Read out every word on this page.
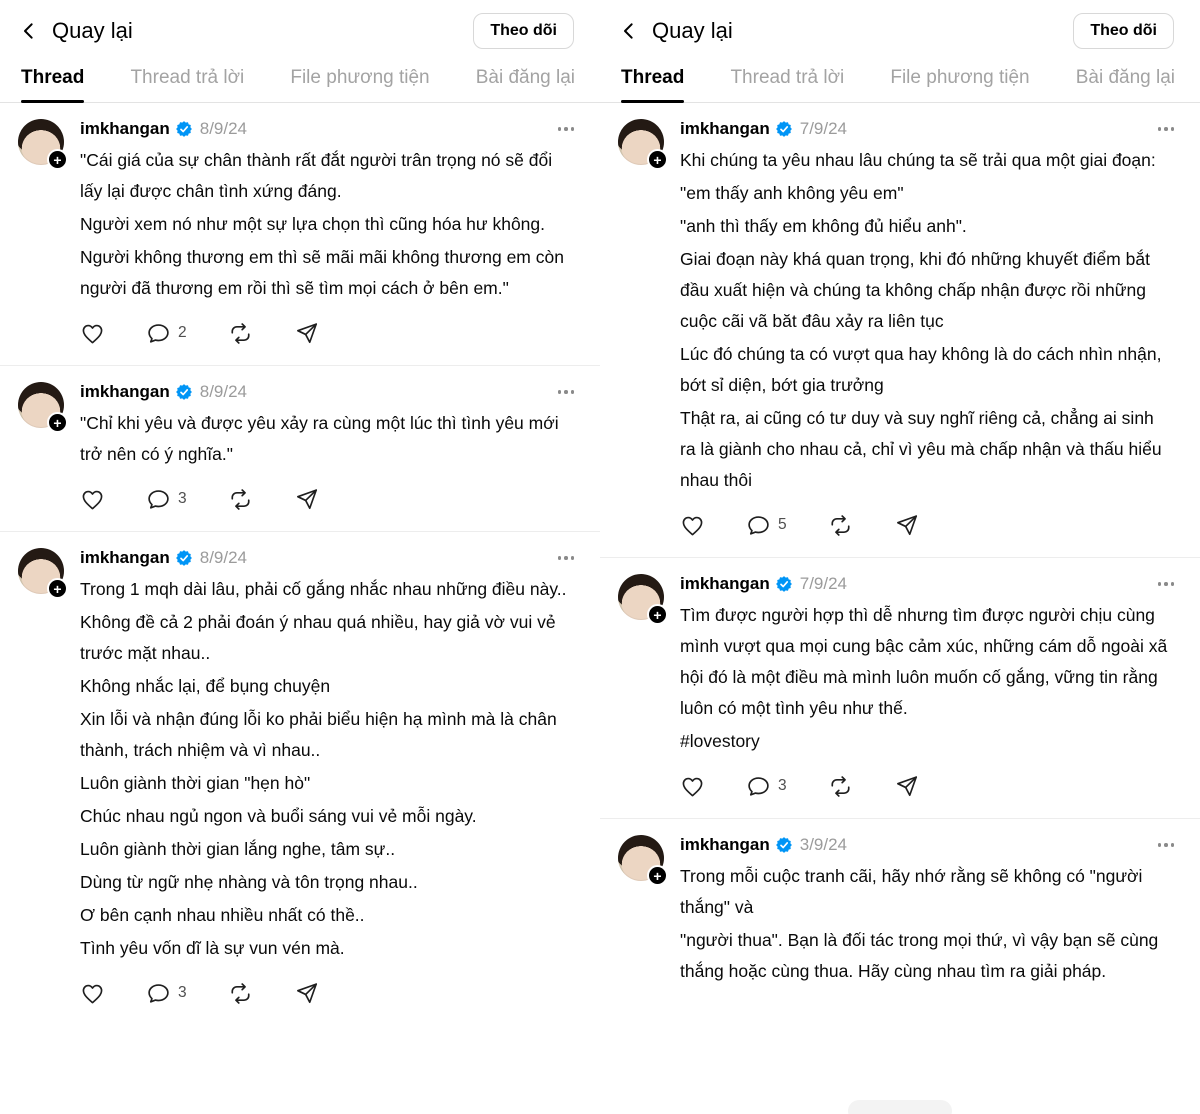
Quay lại	Theo dõi
Thread Thread trả lời File phương tiện Bài đăng lại
+
imkhangan 8/9/24

"Cái giá của sự chân thành rất đắt người trân trọng nó sẽ đổi lấy lại được chân tình xứng đáng.

Người xem nó như một sự lựa chọn thì cũng hóa hư không.

Người không thương em thì sẽ mãi mãi không thương em còn người đã thương em rồi thì sẽ tìm mọi cách ở bên em."

2
+
imkhangan 8/9/24

"Chỉ khi yêu và được yêu xảy ra cùng một lúc thì tình yêu mới trở nên có ý nghĩa."

3
+
imkhangan 8/9/24

Trong 1 mqh dài lâu, phải cố gắng nhắc nhau những điều này..

Không đề cả 2 phải đoán ý nhau quá nhiều, hay giả vờ vui vẻ trước mặt nhau..

Không nhắc lại, để bụng chuyện

Xin lỗi và nhận đúng lỗi ko phải biểu hiện hạ mình mà là chân thành, trách nhiệm và vì nhau..

Luôn giành thời gian "hẹn hò"

Chúc nhau ngủ ngon và buổi sáng vui vẻ mỗi ngày.

Luôn giành thời gian lắng nghe, tâm sự..

Dùng từ ngữ nhẹ nhàng và tôn trọng nhau..

Ơ bên cạnh nhau nhiều nhất có thề..

Tình yêu vốn dĩ là sự vun vén mà.

3
Quay lại	Theo dõi
Thread Thread trả lời File phương tiện Bài đăng lại
+
imkhangan 7/9/24

Khi chúng ta yêu nhau lâu chúng ta sẽ trải qua một giai đoạn:

"em thấy anh không yêu em"

"anh thì thấy em không đủ hiểu anh".

Giai đoạn này khá quan trọng, khi đó những khuyết điểm bắt đầu xuất hiện và chúng ta không chấp nhận được rồi những cuộc cãi vã băt đâu xảy ra liên tục

Lúc đó chúng ta có vượt qua hay không là do cách nhìn nhận, bớt sỉ diện, bớt gia trưởng

Thật ra, ai cũng có tư duy và suy nghĩ riêng cả, chẳng ai sinh ra là giành cho nhau cả, chỉ vì yêu mà chấp nhận và thấu hiểu nhau thôi

5
+
imkhangan 7/9/24

Tìm được người hợp thì dễ nhưng tìm được người chịu cùng mình vượt qua mọi cung bậc cảm xúc, những cám dỗ ngoài xã hội đó là một điều mà mình luôn muốn cố gắng, vững tin rằng luôn có một tình yêu như thế.

#lovestory

3
+
imkhangan 3/9/24

Trong mỗi cuộc tranh cãi, hãy nhớ rằng sẽ không có "người thắng" và

"người thua". Bạn là đối tác trong mọi thứ, vì vậy bạn sẽ cùng thắng hoặc cùng thua. Hãy cùng nhau tìm ra giải pháp.
